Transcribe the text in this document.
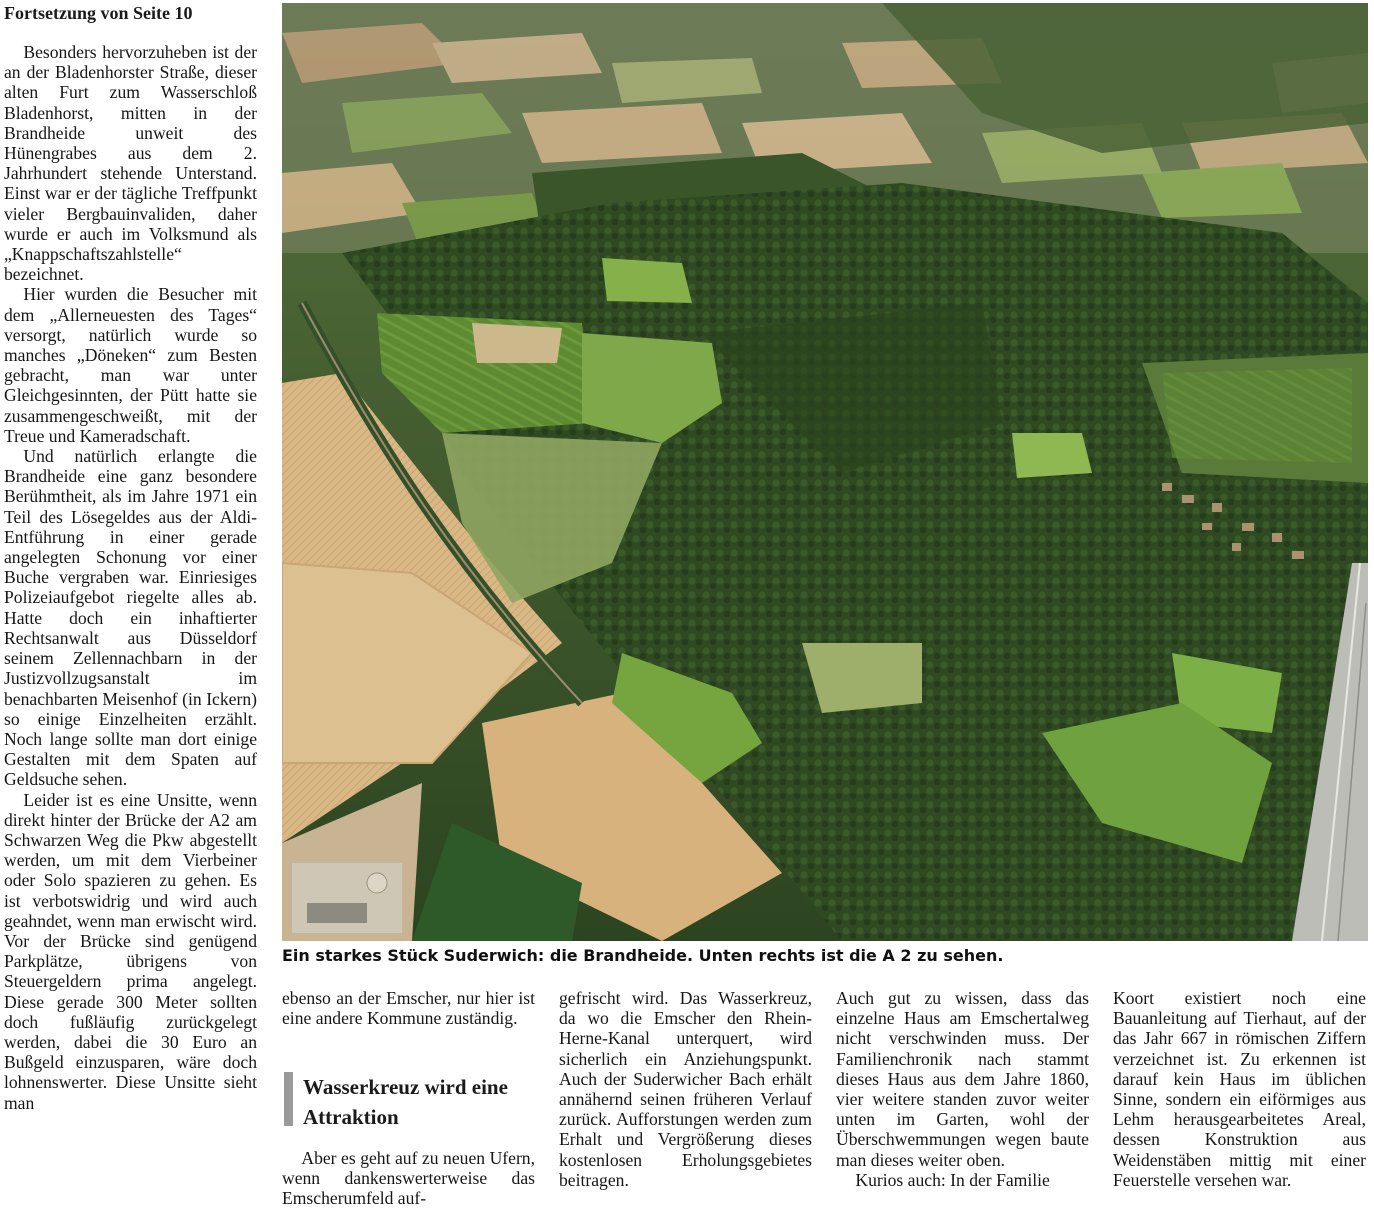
Fortsetzung von Seite 10

Besonders hervorzuheben ist der an der Bladenhorster Straße, dieser alten Furt zum Wasserschloß Bladenhorst, mitten in der Brandheide unweit des Hünengrabes aus dem 2. Jahrhundert stehende Unterstand. Einst war er der tägliche Treffpunkt vieler Bergbauinvaliden, daher wurde er auch im Volksmund als „Knappschaftszahlstelle“ bezeichnet.

Hier wurden die Besucher mit dem „Allerneuesten des Tages“ versorgt, natürlich wurde so manches „Döneken“ zum Besten gebracht, man war unter Gleichgesinnten, der Pütt hatte sie zusammengeschweißt, mit der Treue und Kameradschaft.

Und natürlich erlangte die Brandheide eine ganz besondere Berühmtheit, als im Jahre 1971 ein Teil des Lösegeldes aus der Aldi-Entführung in einer gerade angelegten Schonung vor einer Buche vergraben war. Einriesiges Polizeiaufgebot riegelte alles ab. Hatte doch ein inhaftierter Rechtsanwalt aus Düsseldorf seinem Zellennachbarn in der Justizvollzugsanstalt im benachbarten Meisenhof (in Ickern) so einige Einzelheiten erzählt. Noch lange sollte man dort einige Gestalten mit dem Spaten auf Geldsuche sehen.

Leider ist es eine Unsitte, wenn direkt hinter der Brücke der A2 am Schwarzen Weg die Pkw abgestellt werden, um mit dem Vierbeiner oder Solo spazieren zu gehen. Es ist verbotswidrig und wird auch geahndet, wenn man erwischt wird. Vor der Brücke sind genügend Parkplätze, übrigens von Steuergeldern prima angelegt. Diese gerade 300 Meter sollten doch fußläufig zurückgelegt werden, dabei die 30 Euro an Bußgeld einzusparen, wäre doch lohnenswerter. Diese Unsitte sieht man

Ein starkes Stück Suderwich: die Brandheide. Unten rechts ist die A 2 zu sehen.

ebenso an der Emscher, nur hier ist eine andere Kommune zuständig.

Wasserkreuz wird eine Attraktion

Aber es geht auf zu neuen Ufern, wenn dankenswerterweise das Emscherumfeld auf-

gefrischt wird. Das Wasserkreuz, da wo die Emscher den Rhein-Herne-Kanal unterquert, wird sicherlich ein Anziehungspunkt. Auch der Suderwicher Bach erhält annähernd seinen früheren Verlauf zurück. Aufforstungen werden zum Erhalt und Vergrößerung dieses kostenlosen Erholungsgebietes beitragen.

Auch gut zu wissen, dass das einzelne Haus am Emschertalweg nicht verschwinden muss. Der Familienchronik nach stammt dieses Haus aus dem Jahre 1860, vier weitere standen zuvor weiter unten im Garten, wohl der Überschwemmungen wegen baute man dieses weiter oben.

Kurios auch: In der Familie

Koort existiert noch eine Bauanleitung auf Tierhaut, auf der das Jahr 667 in römischen Ziffern verzeichnet ist. Zu erkennen ist darauf kein Haus im üblichen Sinne, sondern ein eiförmiges aus Lehm herausgearbeitetes Areal, dessen Konstruktion aus Weidenstäben mittig mit einer Feuerstelle versehen war.
